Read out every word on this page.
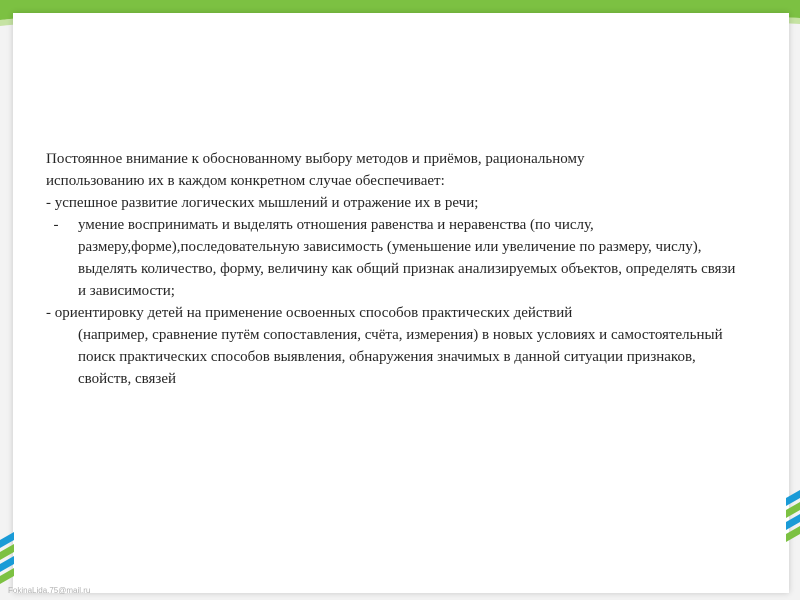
Постоянное внимание к обоснованному выбору методов и приёмов, рациональному

использованию их в каждом конкретном случае обеспечивает:

- успешное развитие логических мышлений и отражение их в речи;

-	умение воспринимать и выделять отношения равенства и неравенства (по числу, размеру,форме),последовательную зависимость (уменьшение или увеличение по размеру, числу), выделять количество, форму, величину как общий признак анализируемых объектов, определять связи и зависимости;
- ориентировку детей на применение освоенных способов практических действий
(например, сравнение путём сопоставления, счёта, измерения) в новых условиях и самостоятельный поиск практических способов выявления, обнаружения значимых в данной ситуации признаков, свойств, связей
FokinaLida.75@mail.ru
